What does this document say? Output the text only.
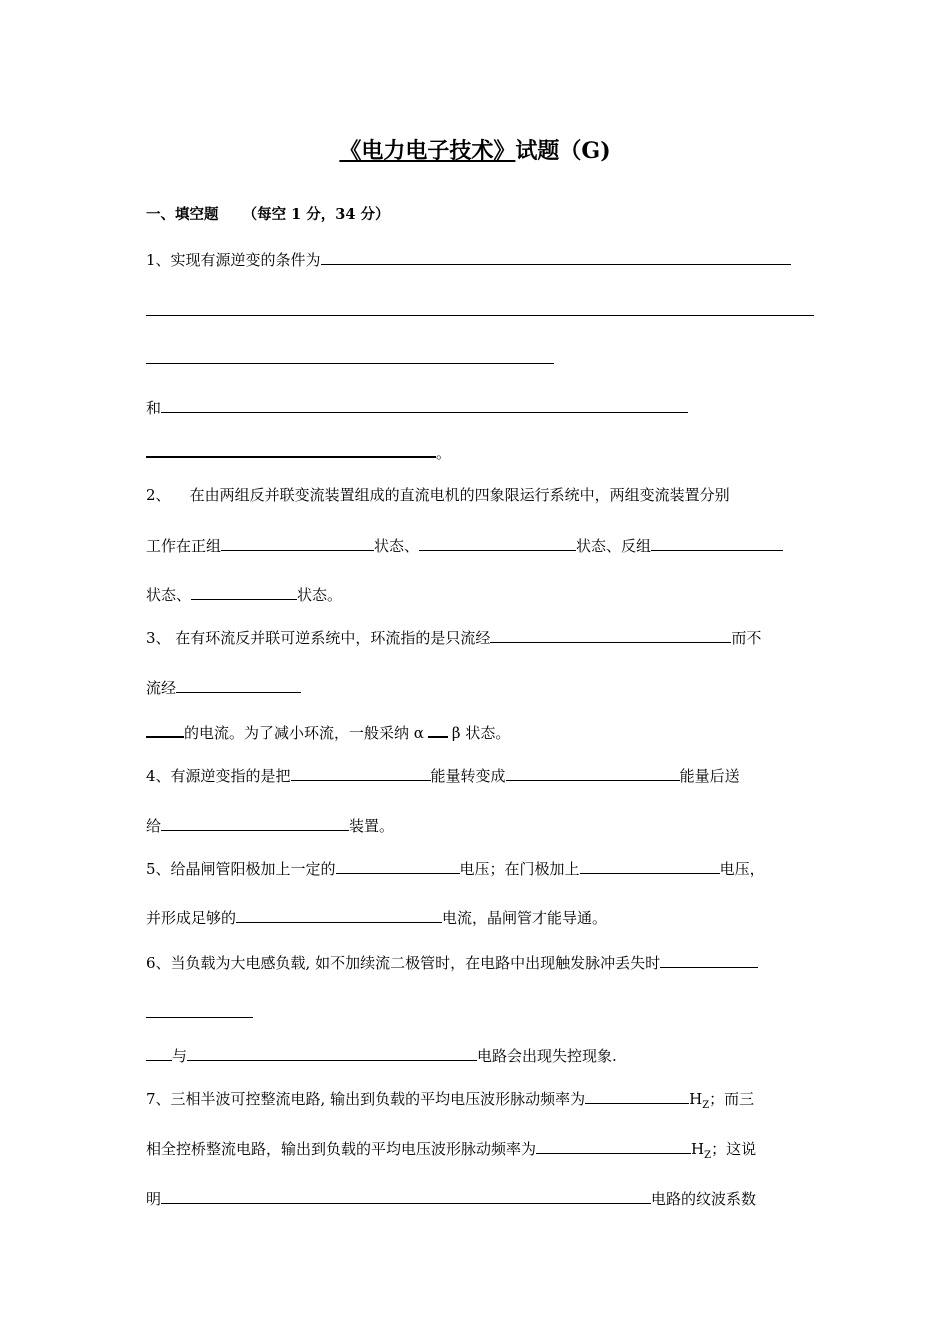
《电力电子技术》试题（G)
一、填空题 （每空 1 分，34 分）
1、实现有源逆变的条件为
和
。
2、    在由两组反并联变流装置组成的直流电机的四象限运行系统中，两组变流装置分别
工作在正组	状态、	状态、反组
状态、	状态。
3、 在有环流反并联可逆系统中，环流指的是只流经	而不
流经
的电流。为了减小环流，一般采纳 α β 状态。
4、有源逆变指的是把	能量转变成	能量后送
给	装置。
5、给晶闸管阳极加上一定的	电压；在门极加上	电压，
并形成足够的	电流，晶闸管才能导通。
6、当负载为大电感负载, 如不加续流二极管时，在电路中出现触发脉冲丢失时
与	电路会出现失控现象.
7、三相半波可控整流电路, 输出到负载的平均电压波形脉动频率为	$H_Z$；而三
相全控桥整流电路，输出到负载的平均电压波形脉动频率为	$H_Z$；这说
明	电路的纹波系数
